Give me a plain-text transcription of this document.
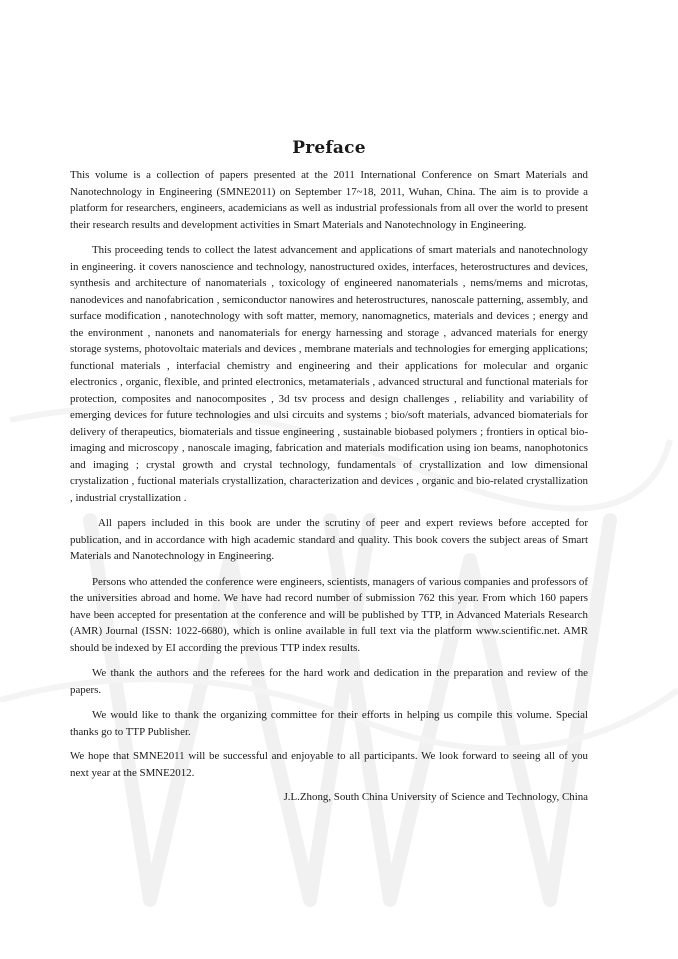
Preface

This volume is a collection of papers presented at the 2011 International Conference on Smart Materials and Nanotechnology in Engineering (SMNE2011) on September 17~18, 2011, Wuhan, China. The aim is to provide a platform for researchers, engineers, academicians as well as industrial professionals from all over the world to present their research results and development activities in Smart Materials and Nanotechnology in Engineering.

This proceeding tends to collect the latest advancement and applications of smart materials and nanotechnology in engineering. it covers nanoscience and technology, nanostructured oxides, interfaces, heterostructures and devices, synthesis and architecture of nanomaterials , toxicology of engineered nanomaterials , nems/mems and microtas, nanodevices and nanofabrication , semiconductor nanowires and heterostructures, nanoscale patterning, assembly, and surface modification , nanotechnology with soft matter, memory, nanomagnetics, materials and devices ; energy and the environment , nanonets and nanomaterials for energy harnessing and storage , advanced materials for energy storage systems, photovoltaic materials and devices , membrane materials and technologies for emerging applications; functional materials , interfacial chemistry and engineering and their applications for molecular and organic electronics , organic, flexible, and printed electronics, metamaterials , advanced structural and functional materials for protection, composites and nanocomposites , 3d tsv process and design challenges , reliability and variability of emerging devices for future technologies and ulsi circuits and systems ; bio/soft materials, advanced biomaterials for delivery of therapeutics, biomaterials and tissue engineering , sustainable biobased polymers ; frontiers in optical bio-imaging and microscopy , nanoscale imaging, fabrication and materials modification using ion beams, nanophotonics and imaging ; crystal growth and crystal technology, fundamentals of crystallization and low dimensional crystalization , fuctional materials crystallization, characterization and devices , organic and bio-related crystallization , industrial crystallization .

All papers included in this book are under the scrutiny of peer and expert reviews before accepted for publication, and in accordance with high academic standard and quality. This book covers the subject areas of Smart Materials and Nanotechnology in Engineering.

Persons who attended the conference were engineers, scientists, managers of various companies and professors of the universities abroad and home. We have had record number of submission 762 this year. From which 160 papers have been accepted for presentation at the conference and will be published by TTP, in Advanced Materials Research (AMR) Journal (ISSN: 1022-6680), which is online available in full text via the platform www.scientific.net. AMR should be indexed by EI according the previous TTP index results.

We thank the authors and the referees for the hard work and dedication in the preparation and review of the papers.

We would like to thank the organizing committee for their efforts in helping us compile this volume. Special thanks go to TTP Publisher.

We hope that SMNE2011 will be successful and enjoyable to all participants. We look forward to seeing all of you next year at the SMNE2012.

J.L.Zhong, South China University of Science and Technology, China
